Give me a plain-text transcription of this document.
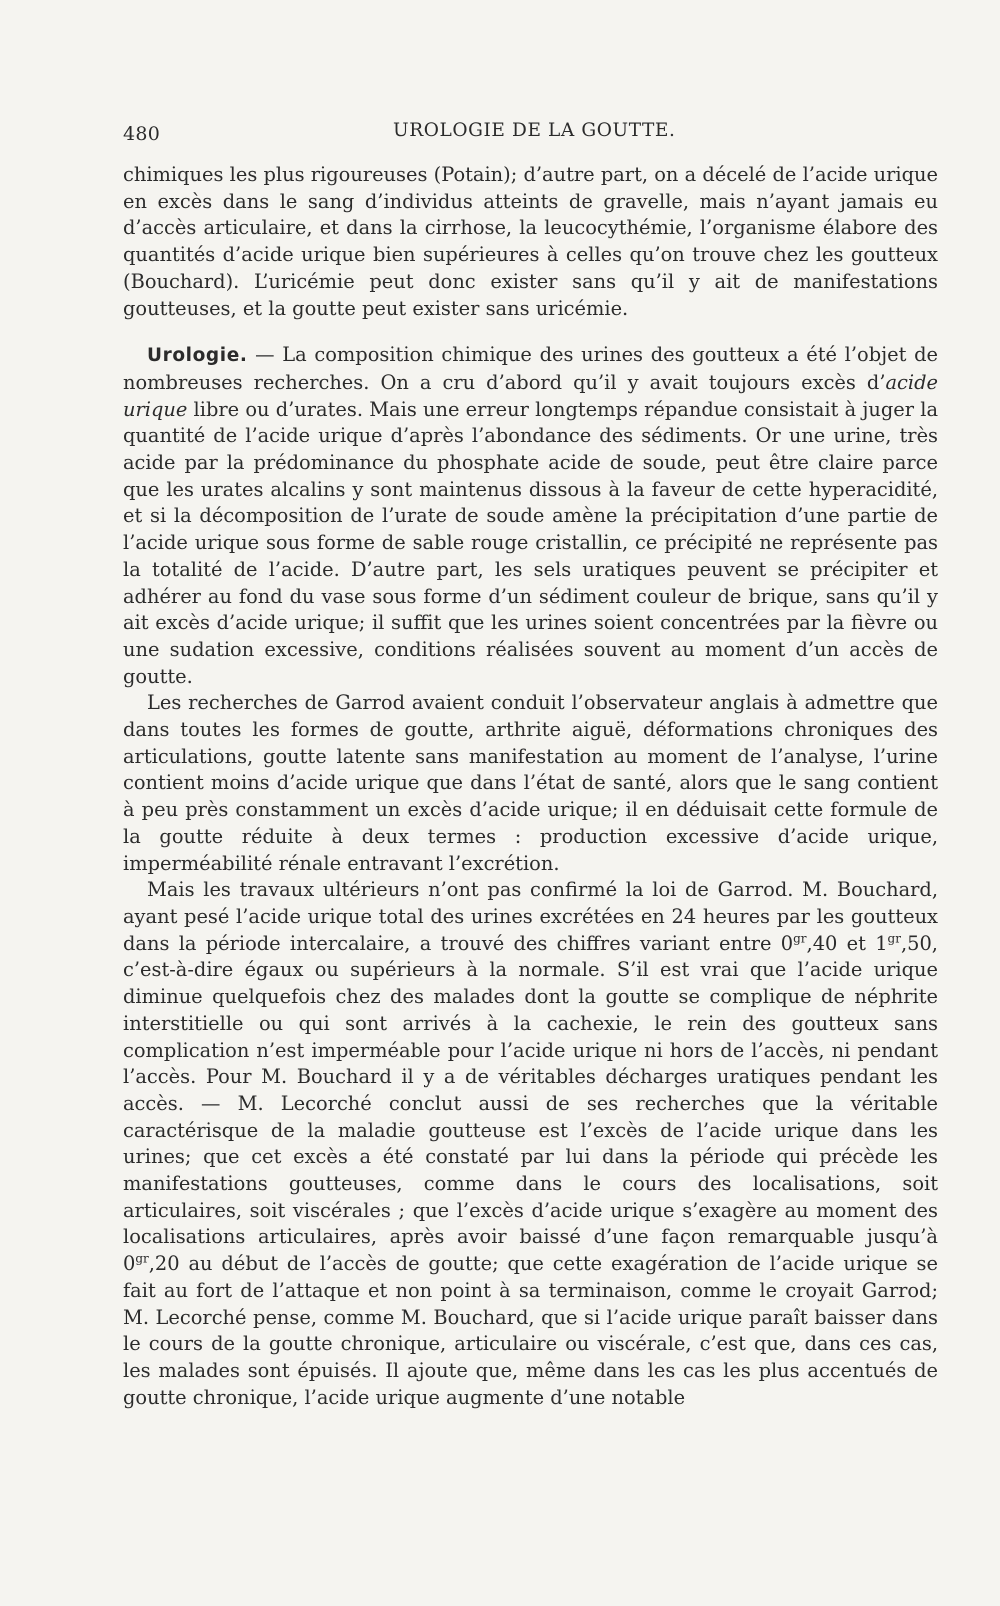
480	UROLOGIE DE LA GOUTTE.

chimiques les plus rigoureuses (Potain); d’autre part, on a décelé de l’acide urique en excès dans le sang d’individus atteints de gravelle, mais n’ayant jamais eu d’accès articulaire, et dans la cirrhose, la leucocythémie, l’organisme élabore des quantités d’acide urique bien supérieures à celles qu’on trouve chez les goutteux (Bouchard). L’uricémie peut donc exister sans qu’il y ait de manifestations goutteuses, et la goutte peut exister sans uricémie.

Urologie. — La composition chimique des urines des goutteux a été l’objet de nombreuses recherches. On a cru d’abord qu’il y avait toujours excès d’acide urique libre ou d’urates. Mais une erreur longtemps répandue consistait à juger la quantité de l’acide urique d’après l’abondance des sédiments. Or une urine, très acide par la prédominance du phosphate acide de soude, peut être claire parce que les urates alcalins y sont maintenus dissous à la faveur de cette hyperacidité, et si la décomposition de l’urate de soude amène la précipitation d’une partie de l’acide urique sous forme de sable rouge cristallin, ce précipité ne représente pas la totalité de l’acide. D’autre part, les sels uratiques peuvent se précipiter et adhérer au fond du vase sous forme d’un sédiment couleur de brique, sans qu’il y ait excès d’acide urique; il suffit que les urines soient concentrées par la fièvre ou une sudation excessive, conditions réalisées souvent au moment d’un accès de goutte.

Les recherches de Garrod avaient conduit l’observateur anglais à admettre que dans toutes les formes de goutte, arthrite aiguë, déformations chroniques des articulations, goutte latente sans manifestation au moment de l’analyse, l’urine contient moins d’acide urique que dans l’état de santé, alors que le sang contient à peu près constamment un excès d’acide urique; il en déduisait cette formule de la goutte réduite à deux termes : production excessive d’acide urique, imperméabilité rénale entravant l’excrétion.

Mais les travaux ultérieurs n’ont pas confirmé la loi de Garrod. M. Bouchard, ayant pesé l’acide urique total des urines excrétées en 24 heures par les goutteux dans la période intercalaire, a trouvé des chiffres variant entre $0^{gr},40$ et $1^{gr},50$, c’est-à-dire égaux ou supérieurs à la normale. S’il est vrai que l’acide urique diminue quelquefois chez des malades dont la goutte se complique de néphrite interstitielle ou qui sont arrivés à la cachexie, le rein des goutteux sans complication n’est imperméable pour l’acide urique ni hors de l’accès, ni pendant l’accès. Pour M. Bouchard il y a de véritables décharges uratiques pendant les accès. — M. Lecorché conclut aussi de ses recherches que la véritable caractérisque de la maladie goutteuse est l’excès de l’acide urique dans les urines; que cet excès a été constaté par lui dans la période qui précède les manifestations goutteuses, comme dans le cours des localisations, soit articulaires, soit viscérales ; que l’excès d’acide urique s’exagère au moment des localisations articulaires, après avoir baissé d’une façon remarquable jusqu’à $0^{gr},20$ au début de l’accès de goutte; que cette exagération de l’acide urique se fait au fort de l’attaque et non point à sa terminaison, comme le croyait Garrod; M. Lecorché pense, comme M. Bouchard, que si l’acide urique paraît baisser dans le cours de la goutte chronique, articulaire ou viscérale, c’est que, dans ces cas, les malades sont épuisés. Il ajoute que, même dans les cas les plus accentués de goutte chronique, l’acide urique augmente d’une notable
